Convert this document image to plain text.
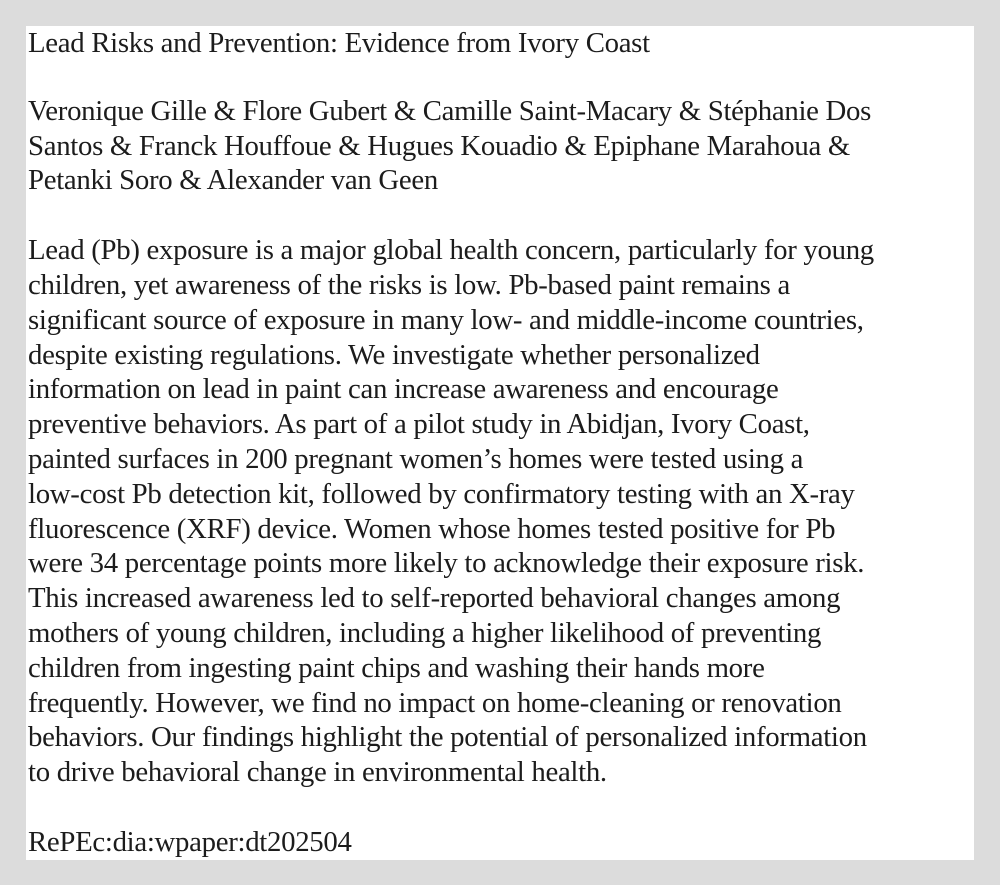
Lead Risks and Prevention: Evidence from Ivory Coast
Veronique Gille & Flore Gubert & Camille Saint-Macary & Stéphanie Dos
Santos & Franck Houffoue & Hugues Kouadio & Epiphane Marahoua &
Petanki Soro & Alexander van Geen
Lead (Pb) exposure is a major global health concern, particularly for young
children, yet awareness of the risks is low. Pb-based paint remains a
significant source of exposure in many low- and middle-income countries,
despite existing regulations. We investigate whether personalized
information on lead in paint can increase awareness and encourage
preventive behaviors. As part of a pilot study in Abidjan, Ivory Coast,
painted surfaces in 200 pregnant women’s homes were tested using a
low-cost Pb detection kit, followed by confirmatory testing with an X-ray
fluorescence (XRF) device. Women whose homes tested positive for Pb
were 34 percentage points more likely to acknowledge their exposure risk.
This increased awareness led to self-reported behavioral changes among
mothers of young children, including a higher likelihood of preventing
children from ingesting paint chips and washing their hands more
frequently. However, we find no impact on home-cleaning or renovation
behaviors. Our findings highlight the potential of personalized information
to drive behavioral change in environmental health.
RePEc:dia:wpaper:dt202504
